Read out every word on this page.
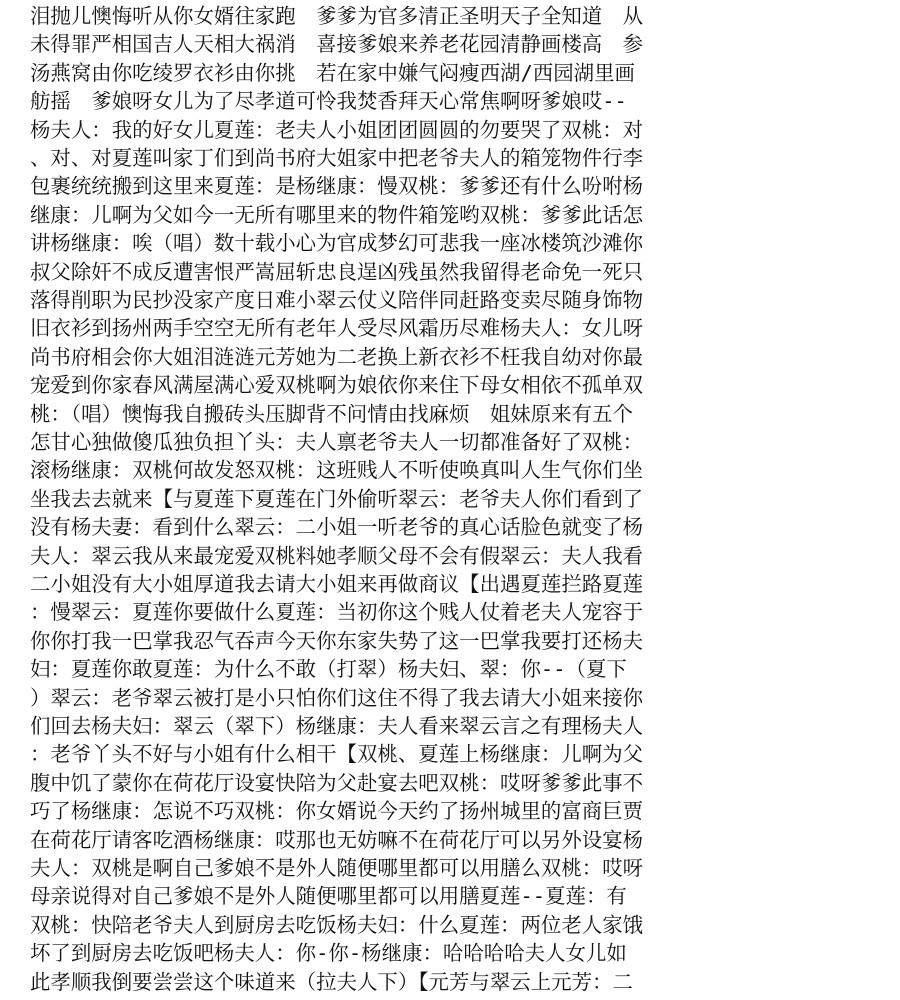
泪抛儿懊悔听从你女婿往家跑　爹爹为官多清正圣明天子全知道　从
未得罪严相国吉人天相大祸消　喜接爹娘来养老花园清静画楼高　参
汤燕窝由你吃绫罗衣衫由你挑　若在家中嫌气闷瘦西湖/西园湖里画
舫摇　爹娘呀女儿为了尽孝道可怜我焚香拜天心常焦啊呀爹娘哎--
杨夫人：我的好女儿夏莲：老夫人小姐团团圆圆的勿要哭了双桃：对
、对、对夏莲叫家丁们到尚书府大姐家中把老爷夫人的箱笼物件行李
包裹统统搬到这里来夏莲：是杨继康：慢双桃：爹爹还有什么吩咐杨
继康：儿啊为父如今一无所有哪里来的物件箱笼哟双桃：爹爹此话怎
讲杨继康：唉（唱）数十载小心为官成梦幻可悲我一座冰楼筑沙滩你
叔父除奸不成反遭害恨严嵩屈斩忠良逞凶残虽然我留得老命免一死只
落得削职为民抄没家产度日难小翠云仗义陪伴同赶路变卖尽随身饰物
旧衣衫到扬州两手空空无所有老年人受尽风霜历尽难杨夫人：女儿呀
尚书府相会你大姐泪涟涟元芳她为二老换上新衣衫不枉我自幼对你最
宠爱到你家春风满屋满心爱双桃啊为娘依你来住下母女相依不孤单双
桃：（唱）懊悔我自搬砖头压脚背不问情由找麻烦　姐妹原来有五个
怎甘心独做傻瓜独负担丫头：夫人禀老爷夫人一切都准备好了双桃：
滚杨继康：双桃何故发怒双桃：这班贱人不听使唤真叫人生气你们坐
坐我去去就来【与夏莲下夏莲在门外偷听翠云：老爷夫人你们看到了
没有杨夫妻：看到什么翠云：二小姐一听老爷的真心话脸色就变了杨
夫人：翠云我从来最宠爱双桃料她孝顺父母不会有假翠云：夫人我看
二小姐没有大小姐厚道我去请大小姐来再做商议【出遇夏莲拦路夏莲
：慢翠云：夏莲你要做什么夏莲：当初你这个贱人仗着老夫人宠容于
你你打我一巴掌我忍气吞声今天你东家失势了这一巴掌我要打还杨夫
妇：夏莲你敢夏莲：为什么不敢（打翠）杨夫妇、翠：你--（夏下
）翠云：老爷翠云被打是小只怕你们这住不得了我去请大小姐来接你
们回去杨夫妇：翠云（翠下）杨继康：夫人看来翠云言之有理杨夫人
：老爷丫头不好与小姐有什么相干【双桃、夏莲上杨继康：儿啊为父
腹中饥了蒙你在荷花厅设宴快陪为父赴宴去吧双桃：哎呀爹爹此事不
巧了杨继康：怎说不巧双桃：你女婿说今天约了扬州城里的富商巨贾
在荷花厅请客吃酒杨继康：哎那也无妨嘛不在荷花厅可以另外设宴杨
夫人：双桃是啊自己爹娘不是外人随便哪里都可以用膳么双桃：哎呀
母亲说得对自己爹娘不是外人随便哪里都可以用膳夏莲--夏莲：有
双桃：快陪老爷夫人到厨房去吃饭杨夫妇：什么夏莲：两位老人家饿
坏了到厨房去吃饭吧杨夫人：你-你-杨继康：哈哈哈哈夫人女儿如
此孝顺我倒要尝尝这个味道来（拉夫人下）【元芳与翠云上元芳：二
